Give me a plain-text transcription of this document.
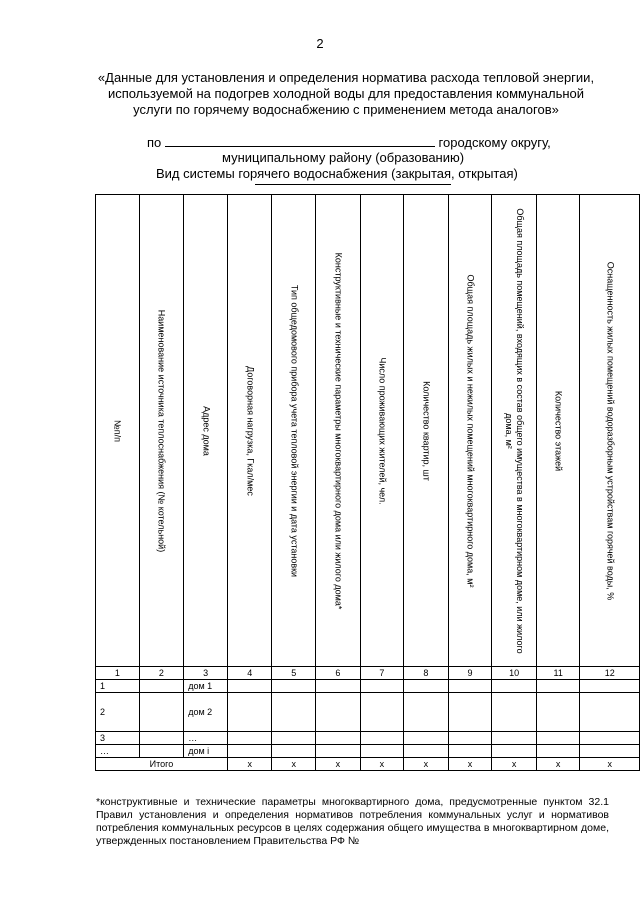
2
«Данные для установления и определения норматива расхода тепловой энергии, используемой на подогрев холодной воды для предоставления коммунальной услуги по горячему водоснабжению с применением метода аналогов»
по	городскому округу,
муниципальному району (образованию)
Вид системы горячего водоснабжения (закрытая, открытая)
№п/п	Наименование источника теплоснабжения (№ котельной)	Адрес дома	Договорная нагрузка, Гкал/мес	Тип общедомового прибора учета тепловой энергии и дата установки	Конструктивные и технические параметры многоквартирного дома или жилого дома*	Число проживающих жителей, чел.	Количество квартир, шт	Общая площадь жилых и нежилых помещений многоквартирного дома, м²	Общая площадь помещений, входящих в состав общего имущества в многоквартирном доме, или жилого дома, м²	Количество этажей	Оснащенность жилых помещений водоразборным устройствам горячей воды, %

1	2	3	4	5	6	7	8	9	10	11	12
1		дом 1									
2		дом 2									
3		…									
…		дом i									
Итого			x	x	x	x	x	x	x	x	x
*конструктивные и технические параметры многоквартирного дома, предусмотренные пунктом 32.1 Правил установления и определения нормативов потребления коммунальных услуг и нормативов потребления коммунальных ресурсов в целях содержания общего имущества в многоквартирном доме, утвержденных постановлением Правительства РФ №
